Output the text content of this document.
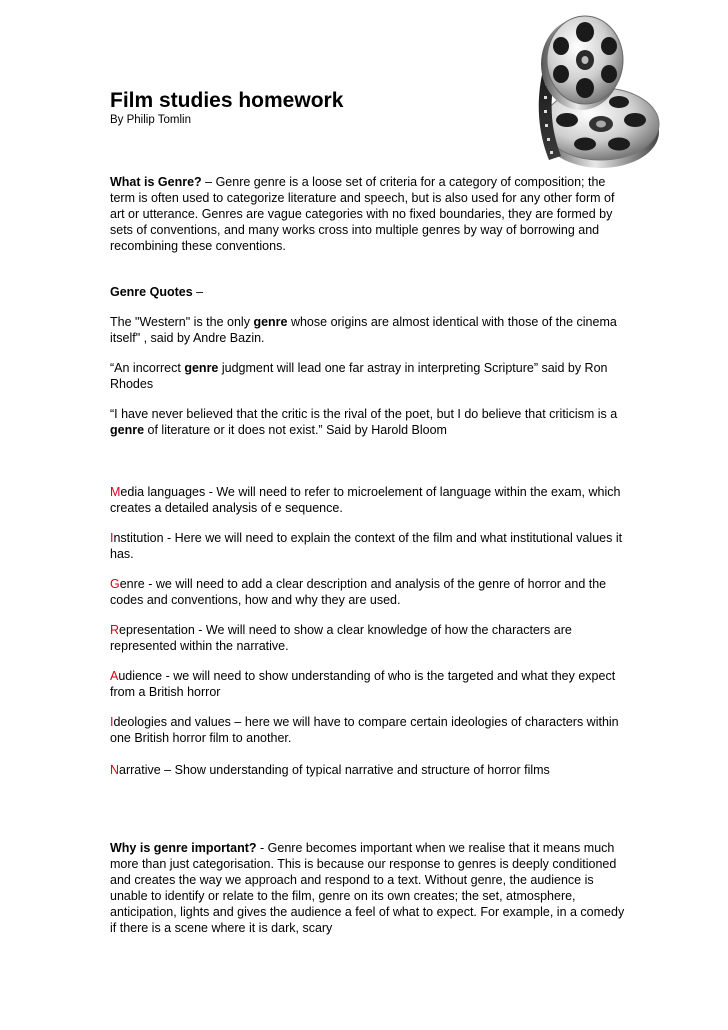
Film studies homework
By Philip Tomlin
What is Genre? – Genre genre is a loose set of criteria for a category of composition; the term is often used to categorize literature and speech, but is also used for any other form of art or utterance. Genres are vague categories with no fixed boundaries, they are formed by sets of conventions, and many works cross into multiple genres by way of borrowing and recombining these conventions.
Genre Quotes –
The "Western" is the only genre whose origins are almost identical with those of the cinema itself" , said by Andre Bazin.
“An incorrect genre judgment will lead one far astray in interpreting Scripture” said by Ron Rhodes
“I have never believed that the critic is the rival of the poet, but I do believe that criticism is a genre of literature or it does not exist.” Said by Harold Bloom
Media languages - We will need to refer to microelement of language within the exam, which creates a detailed analysis of e sequence.
Institution - Here we will need to explain the context of the film and what institutional values it has.
Genre - we will need to add a clear description and analysis of the genre of horror and the codes and conventions, how and why they are used.
Representation - We will need to show a clear knowledge of how the characters are represented within the narrative.
Audience - we will need to show understanding of who is the targeted and what they expect from a British horror
Ideologies and values – here we will have to compare certain ideologies of characters within one British horror film to another.
Narrative – Show understanding of typical narrative and structure of horror films
Why is genre important? - Genre becomes important when we realise that it means much more than just categorisation. This is because our response to genres is deeply conditioned and creates the way we approach and respond to a text. Without genre, the audience is unable to identify or relate to the film, genre on its own creates; the set, atmosphere, anticipation, lights and gives the audience a feel of what to expect. For example, in a comedy if there is a scene where it is dark, scary
